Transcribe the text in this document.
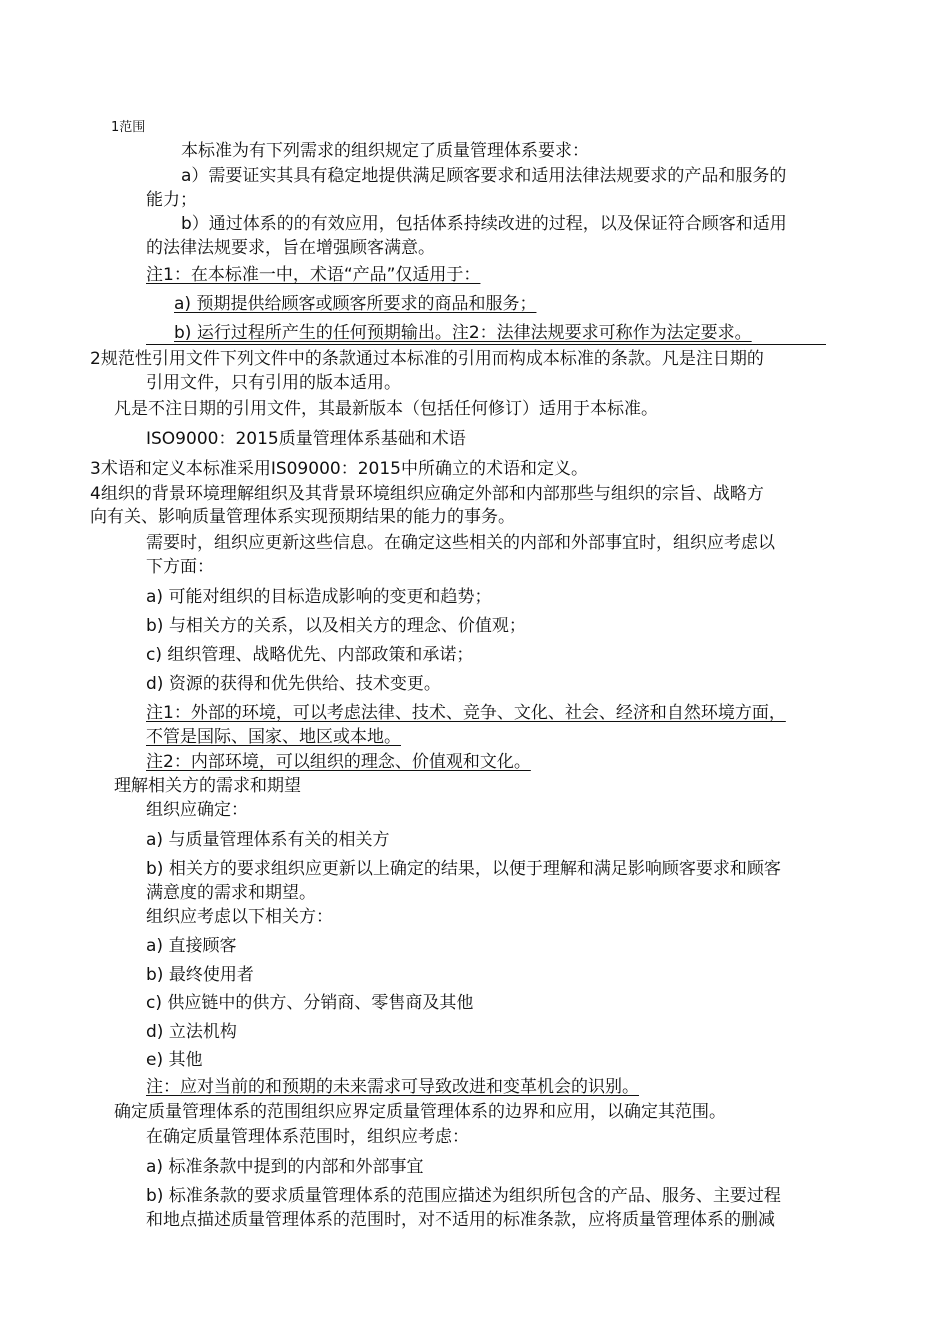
1范围
本标准为有下列需求的组织规定了质量管理体系要求：
a）需要证实其具有稳定地提供满足顾客要求和适用法律法规要求的产品和服务的
能力；
b）通过体系的的有效应用，包括体系持续改进的过程，以及保证符合顾客和适用
的法律法规要求，旨在增强顾客满意。
注1：在本标准一中，术语“产品”仅适用于：
a) 预期提供给顾客或顾客所要求的商品和服务；
b) 运行过程所产生的任何预期输出。注2：法律法规要求可称作为法定要求。
2规范性引用文件下列文件中的条款通过本标准的引用而构成本标准的条款。凡是注日期的
引用文件，只有引用的版本适用。
凡是不注日期的引用文件，其最新版本（包括任何修订）适用于本标准。
ISO9000：2015质量管理体系基础和术语
3术语和定义本标准采用IS09000：2015中所确立的术语和定义。
4组织的背景环境理解组织及其背景环境组织应确定外部和内部那些与组织的宗旨、战略方
向有关、影响质量管理体系实现预期结果的能力的事务。
需要时，组织应更新这些信息。在确定这些相关的内部和外部事宜时，组织应考虑以
下方面：
a) 可能对组织的目标造成影响的变更和趋势；
b) 与相关方的关系，以及相关方的理念、价值观；
c) 组织管理、战略优先、内部政策和承诺；
d) 资源的获得和优先供给、技术变更。
注1：外部的环境，可以考虑法律、技术、竞争、文化、社会、经济和自然环境方面，
不管是国际、国家、地区或本地。
注2：内部环境，可以组织的理念、价值观和文化。
理解相关方的需求和期望
组织应确定：
a) 与质量管理体系有关的相关方
b) 相关方的要求组织应更新以上确定的结果，以便于理解和满足影响顾客要求和顾客
满意度的需求和期望。
组织应考虑以下相关方：
a) 直接顾客
b) 最终使用者
c) 供应链中的供方、分销商、零售商及其他
d) 立法机构
e) 其他
注：应对当前的和预期的未来需求可导致改进和变革机会的识别。
确定质量管理体系的范围组织应界定质量管理体系的边界和应用，以确定其范围。
在确定质量管理体系范围时，组织应考虑：
a) 标准条款中提到的内部和外部事宜
b) 标准条款的要求质量管理体系的范围应描述为组织所包含的产品、服务、主要过程
和地点描述质量管理体系的范围时，对不适用的标准条款，应将质量管理体系的删减
